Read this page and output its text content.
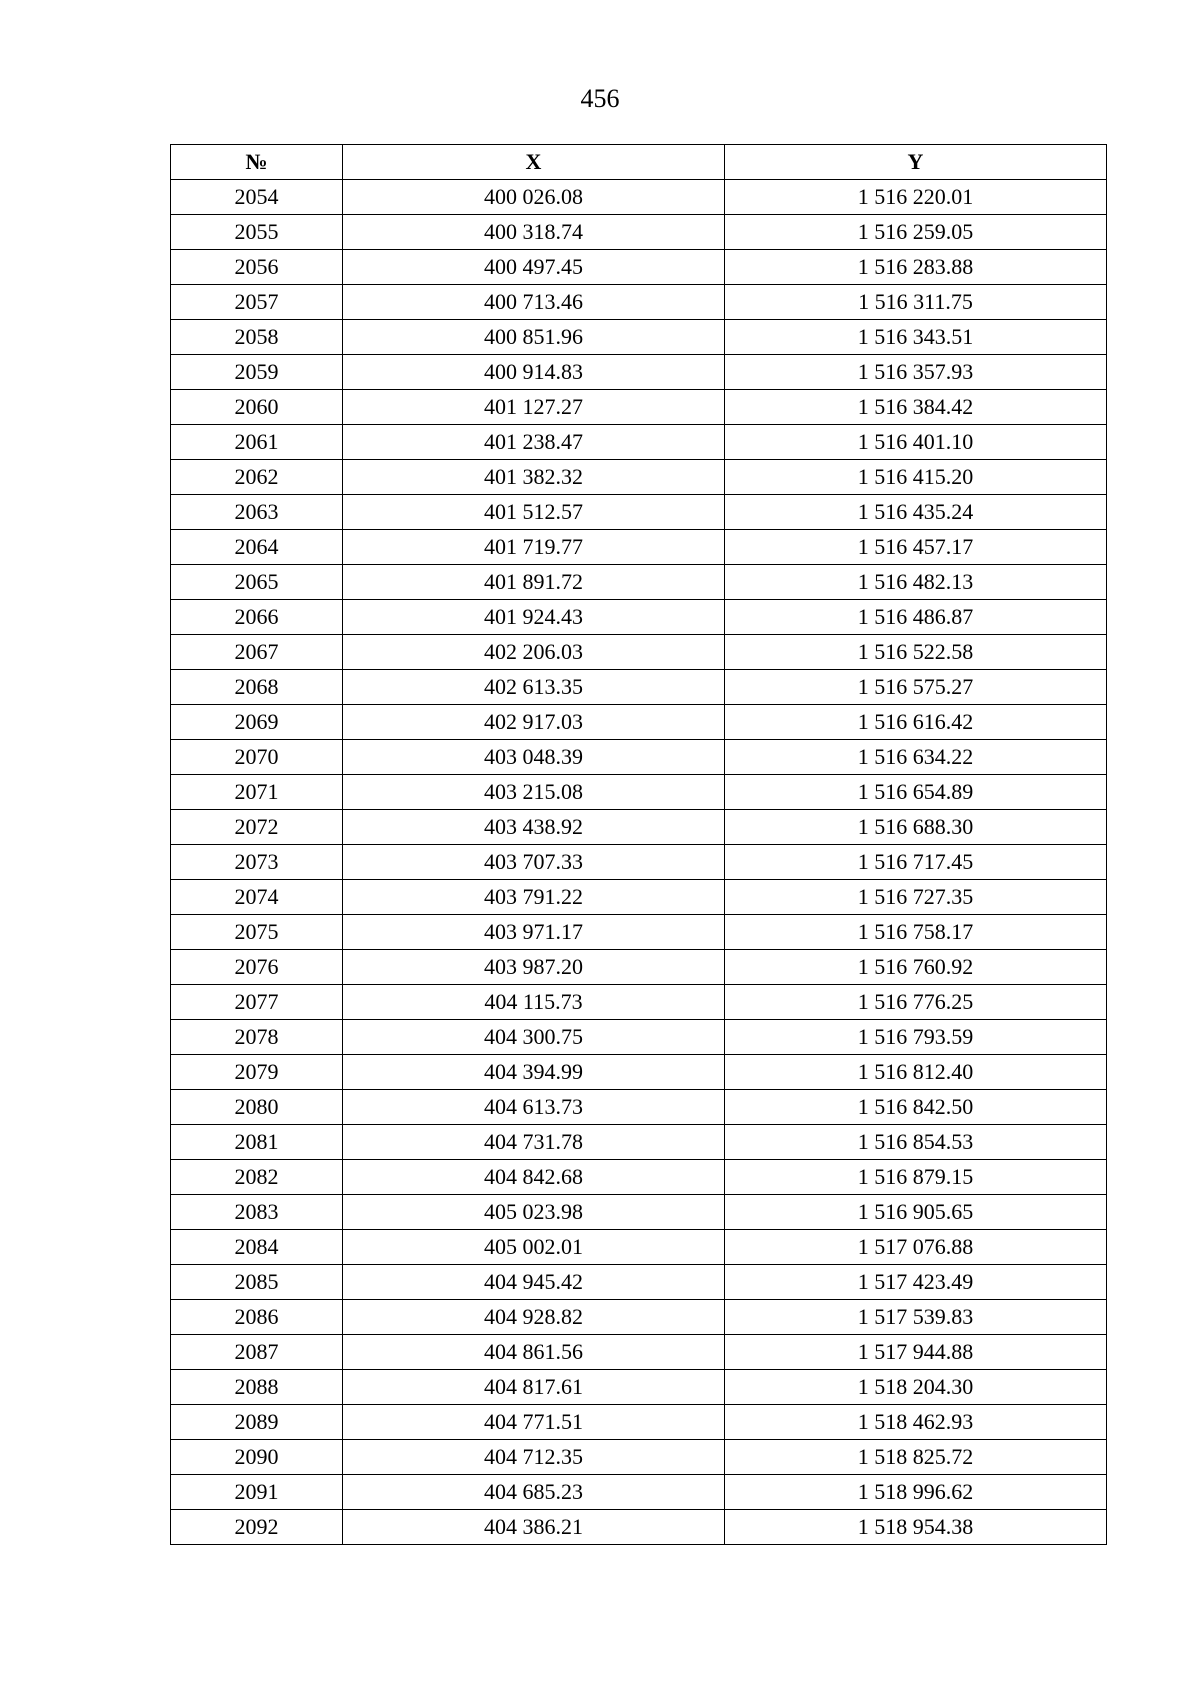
456
№	X	Y
2054	400 026.08	1 516 220.01
2055	400 318.74	1 516 259.05
2056	400 497.45	1 516 283.88
2057	400 713.46	1 516 311.75
2058	400 851.96	1 516 343.51
2059	400 914.83	1 516 357.93
2060	401 127.27	1 516 384.42
2061	401 238.47	1 516 401.10
2062	401 382.32	1 516 415.20
2063	401 512.57	1 516 435.24
2064	401 719.77	1 516 457.17
2065	401 891.72	1 516 482.13
2066	401 924.43	1 516 486.87
2067	402 206.03	1 516 522.58
2068	402 613.35	1 516 575.27
2069	402 917.03	1 516 616.42
2070	403 048.39	1 516 634.22
2071	403 215.08	1 516 654.89
2072	403 438.92	1 516 688.30
2073	403 707.33	1 516 717.45
2074	403 791.22	1 516 727.35
2075	403 971.17	1 516 758.17
2076	403 987.20	1 516 760.92
2077	404 115.73	1 516 776.25
2078	404 300.75	1 516 793.59
2079	404 394.99	1 516 812.40
2080	404 613.73	1 516 842.50
2081	404 731.78	1 516 854.53
2082	404 842.68	1 516 879.15
2083	405 023.98	1 516 905.65
2084	405 002.01	1 517 076.88
2085	404 945.42	1 517 423.49
2086	404 928.82	1 517 539.83
2087	404 861.56	1 517 944.88
2088	404 817.61	1 518 204.30
2089	404 771.51	1 518 462.93
2090	404 712.35	1 518 825.72
2091	404 685.23	1 518 996.62
2092	404 386.21	1 518 954.38
